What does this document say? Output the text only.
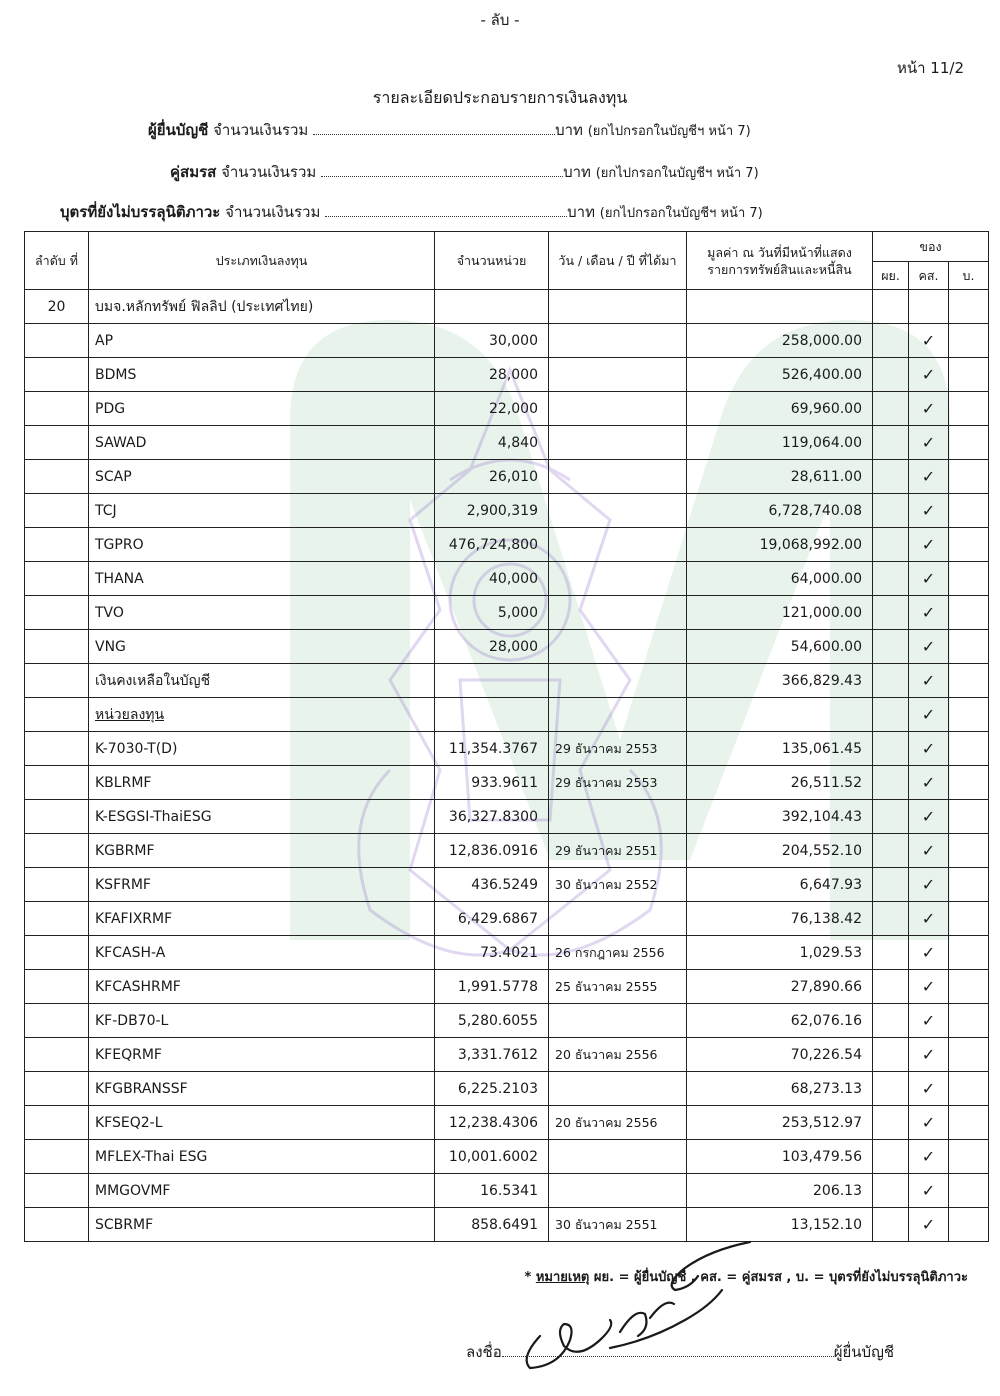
- ลับ -
หน้า 11/2
รายละเอียดประกอบรายการเงินลงทุน
ผู้ยื่นบัญชี จำนวนเงินรวม	บาท (ยกไปกรอกในบัญชีฯ หน้า 7)
คู่สมรส จำนวนเงินรวม	บาท (ยกไปกรอกในบัญชีฯ หน้า 7)
บุตรที่ยังไม่บรรลุนิติภาวะ จำนวนเงินรวม	บาท (ยกไปกรอกในบัญชีฯ หน้า 7)
ลำดับ ที่	ประเภทเงินลงทุน	จำนวนหน่วย	วัน / เดือน / ปี ที่ได้มา	มูลค่า ณ วันที่มีหน้าที่แสดง รายการทรัพย์สินและหนี้สิน	ของ		
					ผย.	คส.	บ.
20	บมจ.หลักทรัพย์ ฟิลลิป (ประเทศไทย)						
	AP	30,000		258,000.00		✓	
	BDMS	28,000		526,400.00		✓	
	PDG	22,000		69,960.00		✓	
	SAWAD	4,840		119,064.00		✓	
	SCAP	26,010		28,611.00		✓	
	TCJ	2,900,319		6,728,740.08		✓	
	TGPRO	476,724,800		19,068,992.00		✓	
	THANA	40,000		64,000.00		✓	
	TVO	5,000		121,000.00		✓	
	VNG	28,000		54,600.00		✓	
	เงินคงเหลือในบัญชี			366,829.43		✓	
	หน่วยลงทุน					✓	
	K-7030-T(D)	11,354.3767	29 ธันวาคม 2553	135,061.45		✓	
	KBLRMF	933.9611	29 ธันวาคม 2553	26,511.52		✓	
	K-ESGSI-ThaiESG	36,327.8300		392,104.43		✓	
	KGBRMF	12,836.0916	29 ธันวาคม 2551	204,552.10		✓	
	KSFRMF	436.5249	30 ธันวาคม 2552	6,647.93		✓	
	KFAFIXRMF	6,429.6867		76,138.42		✓	
	KFCASH-A	73.4021	26 กรกฎาคม 2556	1,029.53		✓	
	KFCASHRMF	1,991.5778	25 ธันวาคม 2555	27,890.66		✓	
	KF-DB70-L	5,280.6055		62,076.16		✓	
	KFEQRMF	3,331.7612	20 ธันวาคม 2556	70,226.54		✓	
	KFGBRANSSF	6,225.2103		68,273.13		✓	
	KFSEQ2-L	12,238.4306	20 ธันวาคม 2556	253,512.97		✓	
	MFLEX-Thai ESG	10,001.6002		103,479.56		✓	
	MMGOVMF	16.5341		206.13		✓	
	SCBRMF	858.6491	30 ธันวาคม 2551	13,152.10		✓	
* หมายเหตุ ผย. = ผู้ยื่นบัญชี , คส. = คู่สมรส , บ. = บุตรที่ยังไม่บรรลุนิติภาวะ
ลงชื่อ	ผู้ยื่นบัญชี
